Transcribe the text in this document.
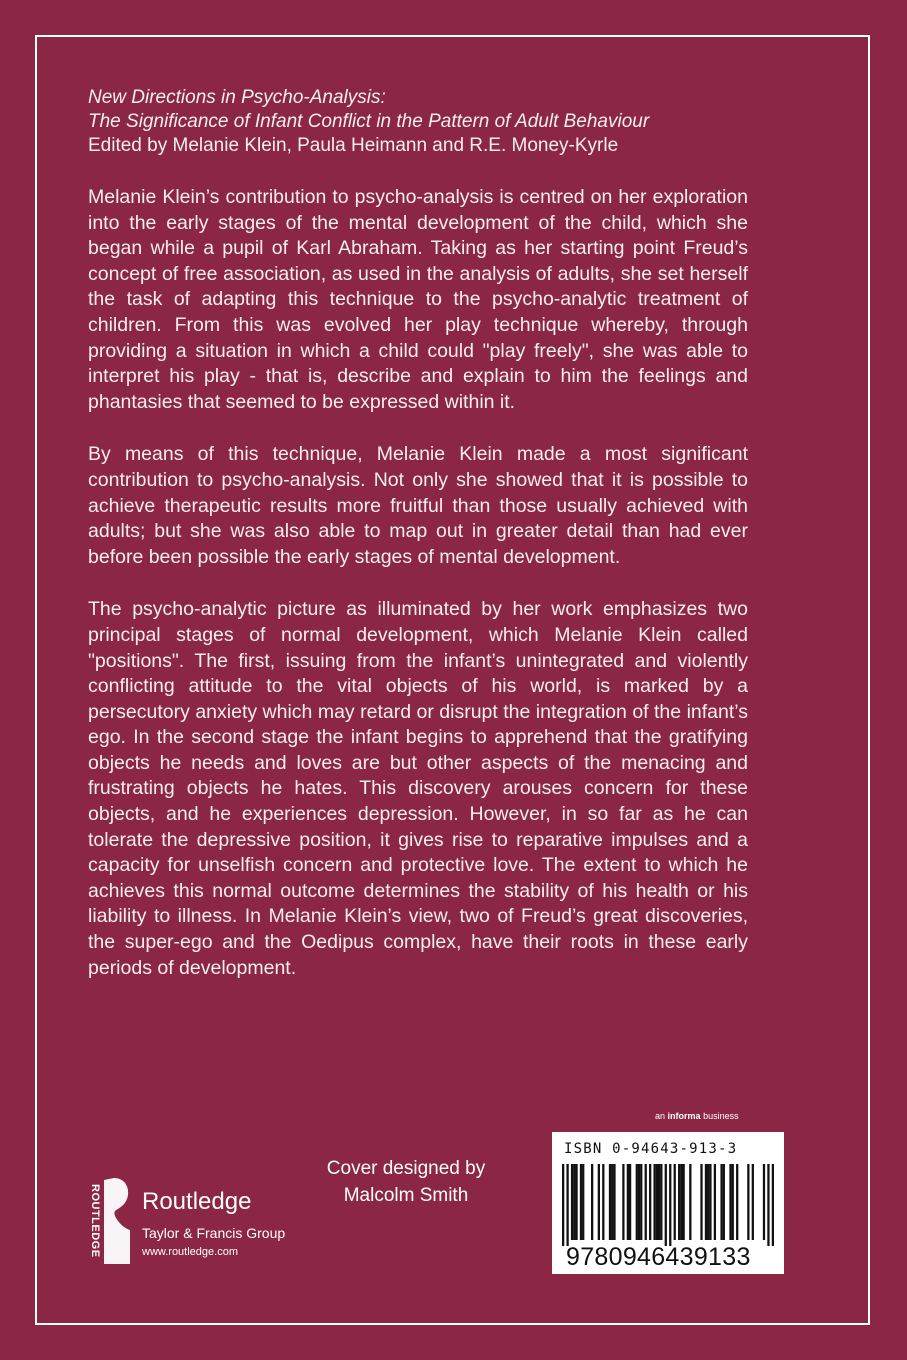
New Directions in Psycho-Analysis:
The Significance of Infant Conflict in the Pattern of Adult Behaviour
Edited by Melanie Klein, Paula Heimann and R.E. Money-Kyrle

Melanie Klein’s contribution to psycho-analysis is centred on her exploration into the early stages of the mental development of the child, which she began while a pupil of Karl Abraham. Taking as her starting point Freud’s concept of free association, as used in the analysis of adults, she set herself the task of adapting this technique to the psycho-analytic treatment of children. From this was evolved her play technique whereby, through providing a situation in which a child could "play freely", she was able to interpret his play - that is, describe and explain to him the feelings and phantasies that seemed to be expressed within it.

By means of this technique, Melanie Klein made a most significant contribution to psycho-analysis. Not only she showed that it is possible to achieve therapeutic results more fruitful than those usually achieved with adults; but she was also able to map out in greater detail than had ever before been possible the early stages of mental development.

The psycho-analytic picture as illuminated by her work emphasizes two principal stages of normal development, which Melanie Klein called "positions". The first, issuing from the infant’s unintegrated and violently conflicting attitude to the vital objects of his world, is marked by a persecutory anxiety which may retard or disrupt the integration of the infant’s ego. In the second stage the infant begins to apprehend that the gratifying objects he needs and loves are but other aspects of the menacing and frustrating objects he hates. This discovery arouses concern for these objects, and he experiences depression. However, in so far as he can tolerate the depressive position, it gives rise to reparative impulses and a capacity for unselfish concern and protective love. The extent to which he achieves this normal outcome determines the stability of his health or his liability to illness. In Melanie Klein’s view, two of Freud’s great discoveries, the super-ego and the Oedipus complex, have their roots in these early periods of development.

an informa business
Cover designed by
Malcolm Smith
ROUTLEDGE Routledge
Taylor & Francis Group
www.routledge.com
ISBN 0-94643-913-3
9780946439133
